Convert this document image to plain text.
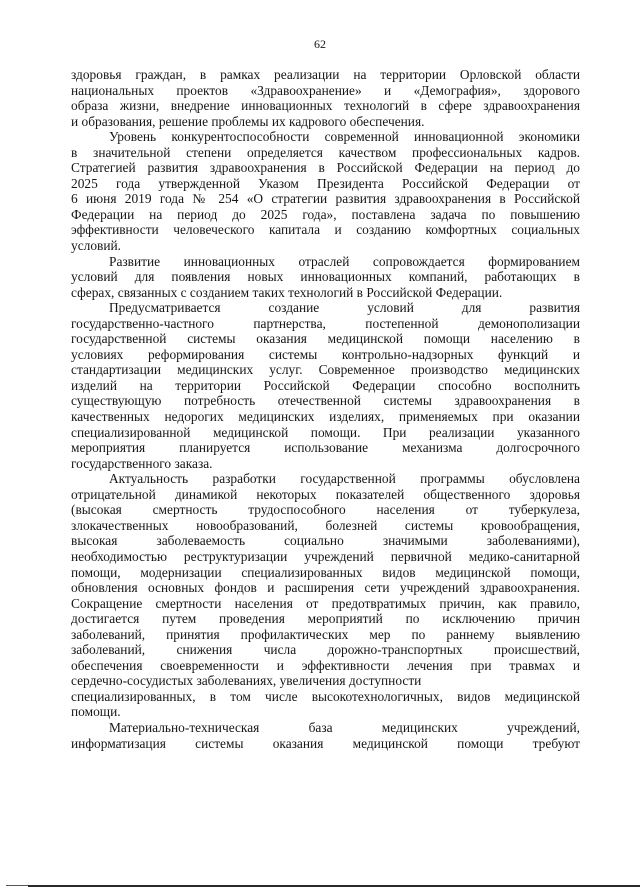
62
здоровья граждан, в рамках реализации на территории Орловской области
национальных проектов «Здравоохранение» и «Демография», здорового
образа жизни, внедрение инновационных технологий в сфере здравоохранения
и образования, решение проблемы их кадрового обеспечения.
Уровень конкурентоспособности современной инновационной экономики
в значительной степени определяется качеством профессиональных кадров.
Стратегией развития здравоохранения в Российской Федерации на период до
2025 года утвержденной Указом Президента Российской Федерации от
6 июня 2019 года № 254 «О стратегии развития здравоохранения в Российской
Федерации на период до 2025 года», поставлена задача по повышению
эффективности человеческого капитала и созданию комфортных социальных
условий.
Развитие инновационных отраслей сопровождается формированием
условий для появления новых инновационных компаний, работающих в
сферах, связанных с созданием таких технологий в Российской Федерации.
Предусматривается создание условий для развития
государственно-частного партнерства, постепенной демонополизации
государственной системы оказания медицинской помощи населению в
условиях реформирования системы контрольно-надзорных функций и
стандартизации медицинских услуг. Современное производство медицинских
изделий на территории Российской Федерации способно восполнить
существующую потребность отечественной системы здравоохранения в
качественных недорогих медицинских изделиях, применяемых при оказании
специализированной медицинской помощи. При реализации указанного
мероприятия планируется использование механизма долгосрочного
государственного заказа.
Актуальность разработки государственной программы обусловлена
отрицательной динамикой некоторых показателей общественного здоровья
(высокая смертность трудоспособного населения от туберкулеза,
злокачественных новообразований, болезней системы кровообращения,
высокая заболеваемость социально значимыми заболеваниями),
необходимостью реструктуризации учреждений первичной медико-санитарной
помощи, модернизации специализированных видов медицинской помощи,
обновления основных фондов и расширения сети учреждений здравоохранения.
Сокращение смертности населения от предотвратимых причин, как правило,
достигается путем проведения мероприятий по исключению причин
заболеваний, принятия профилактических мер по раннему выявлению
заболеваний, снижения числа дорожно-транспортных происшествий,
обеспечения своевременности и эффективности лечения при травмах и
сердечно-сосудистых заболеваниях, увеличения доступности
специализированных, в том числе высокотехнологичных, видов медицинской
помощи.
Материально-техническая база медицинских учреждений,
информатизация системы оказания медицинской помощи требуют
